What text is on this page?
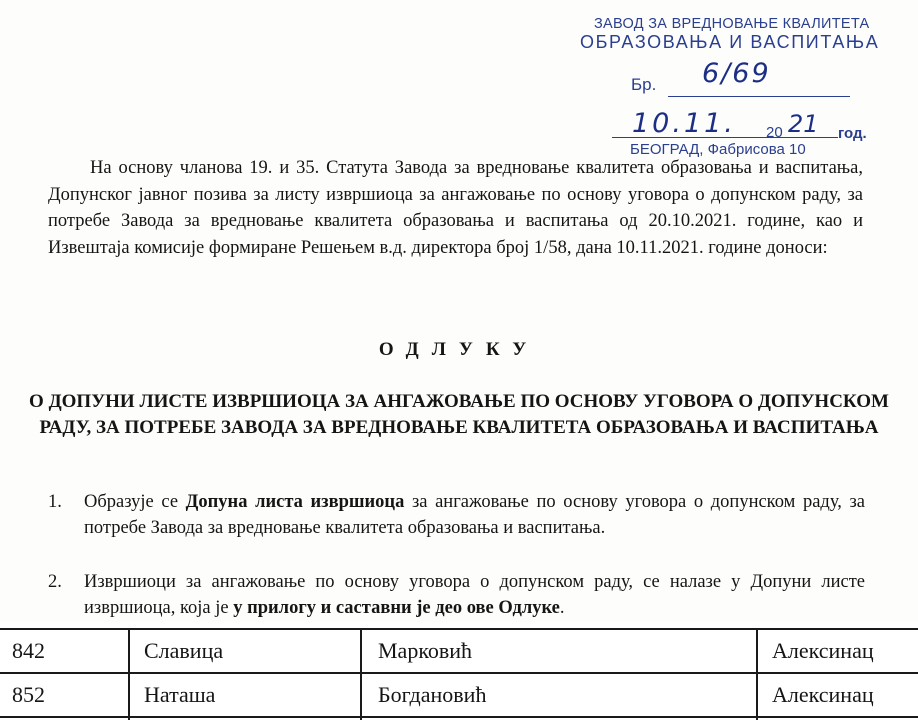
ЗАВОД ЗА ВРЕДНОВАЊЕ КВАЛИТЕТА
ОБРАЗОВАЊА И ВАСПИТАЊА
Бр. 6/69
10.11. 20 21 год.
БЕОГРАД, Фабрисова 10
На основу чланова 19. и 35. Статута Завода за вредновање квалитета образовања и васпитања, Допунског јавног позива за листу извршиоца за ангажовање по основу уговора о допунском раду, за потребе Завода за вредновање квалитета образовања и васпитања од 20.10.2021. године, као и Извештаја комисије формиране Решењем в.д. директора број 1/58, дана 10.11.2021. године доноси:
ОДЛУКУ
О ДОПУНИ ЛИСТЕ ИЗВРШИОЦА ЗА АНГАЖОВАЊЕ ПО ОСНОВУ УГОВОРА О ДОПУНСКОМ РАДУ, ЗА ПОТРЕБЕ ЗАВОДА ЗА ВРЕДНОВАЊЕ КВАЛИТЕТА ОБРАЗОВАЊА И ВАСПИТАЊА
1.	Образује се Допуна листа извршиоца за ангажовање по основу уговора о допунском раду, за потребе Завода за вредновање квалитета образовања и васпитања.
2.	Извршиоци за ангажовање по основу уговора о допунском раду, се налазе у Допуни листе извршиоца, која је у прилогу и саставни је део ове Одлуке.
842	Славица	Марковић	Алексинац
852	Наташа	Богдановић	Алексинац
